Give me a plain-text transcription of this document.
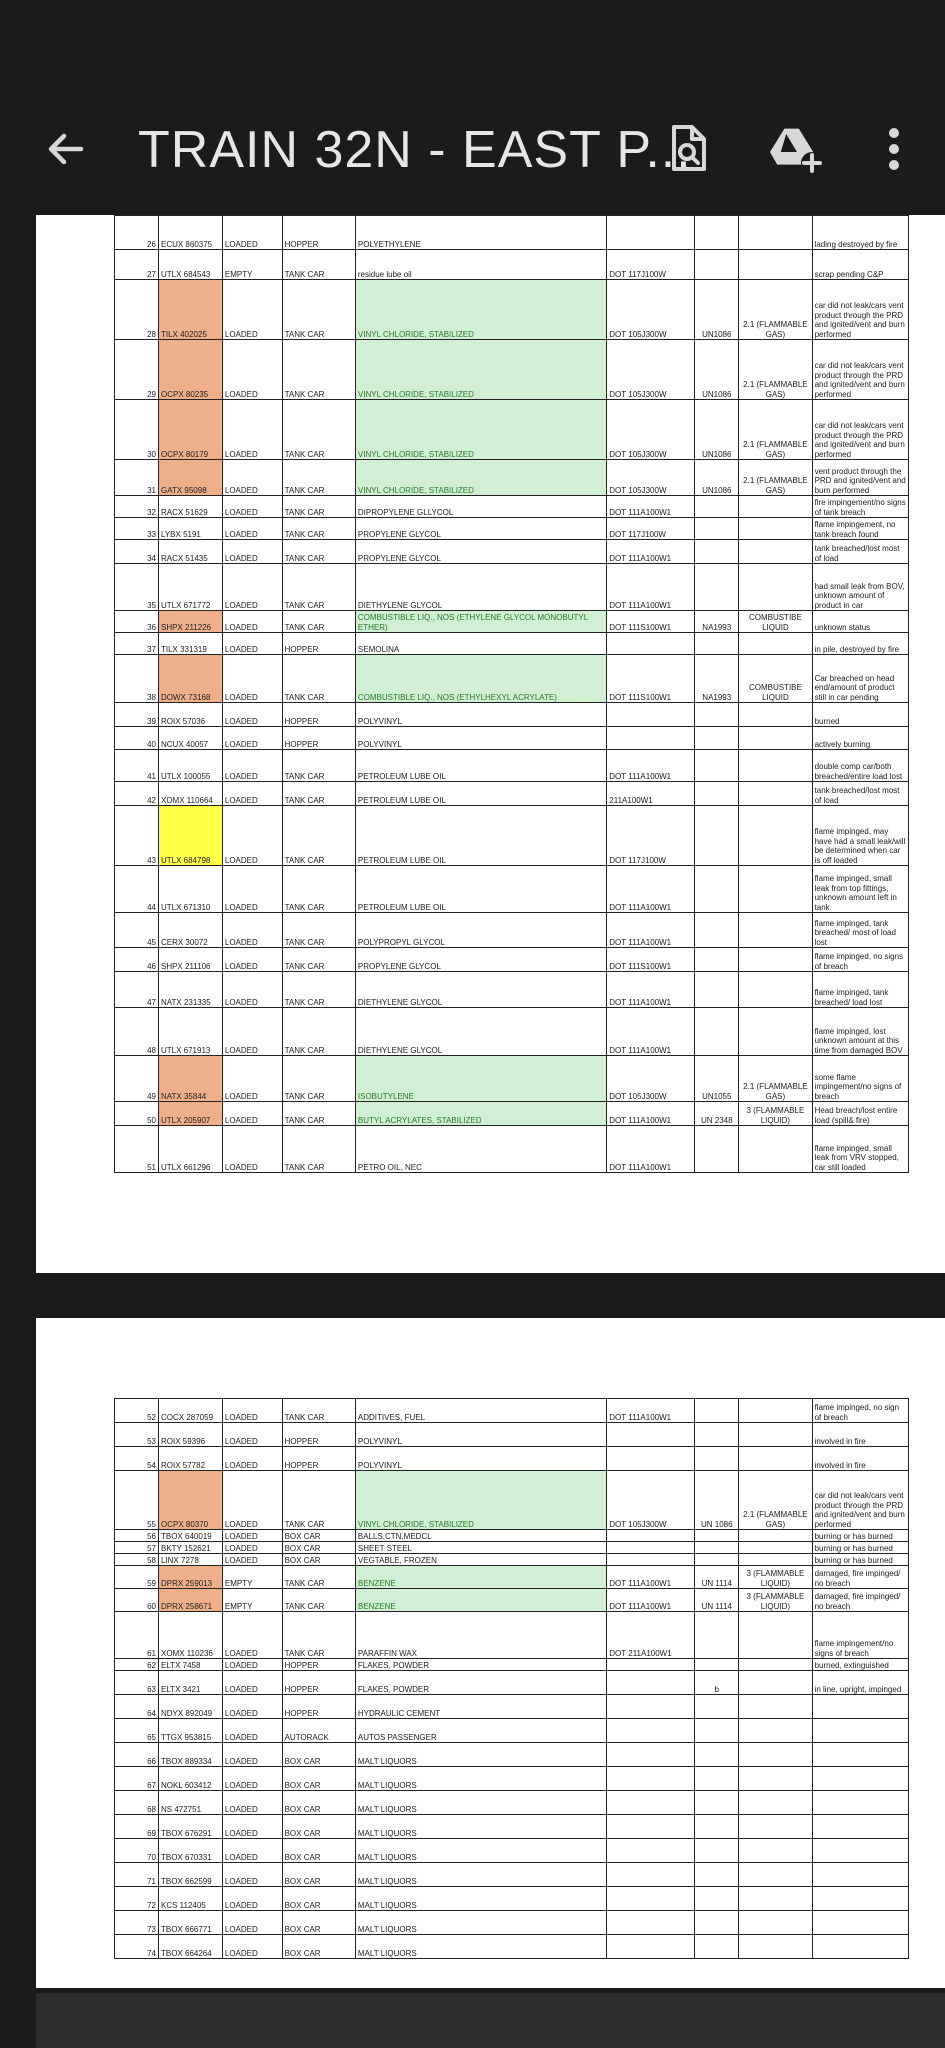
TRAIN 32N - EAST P...
26	ECUX 860375	LOADED	HOPPER	POLYETHYLENE				lading destroyed by fire
27	UTLX 684543	EMPTY	TANK CAR	residue lube oil	DOT 117J100W			scrap pending C&P
28	TILX 402025	LOADED	TANK CAR	VINYL CHLORIDE, STABILIZED	DOT 105J300W	UN1086	2.1 (FLAMMABLE GAS)	car did not leak/cars vent product through the PRD and ignited/vent and burn performed
29	OCPX 80235	LOADED	TANK CAR	VINYL CHLORIDE, STABILIZED	DOT 105J300W	UN1086	2.1 (FLAMMABLE GAS)	car did not leak/cars vent product through the PRD and ignited/vent and burn performed
30	OCPX 80179	LOADED	TANK CAR	VINYL CHLORIDE, STABILIZED	DOT 105J300W	UN1086	2.1 (FLAMMABLE GAS)	car did not leak/cars vent product through the PRD and ignited/vent and burn performed
31	GATX 95098	LOADED	TANK CAR	VINYL CHLORIDE, STABILIZED	DOT 105J300W	UN1086	2.1 (FLAMMABLE GAS)	vent product through the PRD and ignited/vent and burn performed
32	RACX 51629	LOADED	TANK CAR	DIPROPYLENE GLLYCOL	DOT 111A100W1			fire impingement/no signs of tank breach
33	LYBX 5191	LOADED	TANK CAR	PROPYLENE GLYCOL	DOT 117J100W			flame impingement, no tank breach found
34	RACX 51435	LOADED	TANK CAR	PROPYLENE GLYCOL	DOT 111A100W1			tank breached/lost most of load
35	UTLX 671772	LOADED	TANK CAR	DIETHYLENE GLYCOL	DOT 111A100W1			had small leak from BOV, unknown amount of product in car
36	SHPX 211226	LOADED	TANK CAR	COMBUSTIBLE LIQ., NOS (ETHYLENE GLYCOL MONOBUTYL ETHER)	DOT 111S100W1	NA1993	COMBUSTIBE LIQUID	unknown status
37	TILX 331319	LOADED	HOPPER	SEMOLINA				in pile, destroyed by fire
38	DOWX 73168	LOADED	TANK CAR	COMBUSTIBLE LIQ., NOS (ETHYLHEXYL ACRYLATE)	DOT 111S100W1	NA1993	COMBUSTIBE LIQUID	Car breached on head end/amount of product still in car pending
39	ROIX 57036	LOADED	HOPPER	POLYVINYL				burned
40	NCUX 40057	LOADED	HOPPER	POLYVINYL				actively burning
41	UTLX 100055	LOADED	TANK CAR	PETROLEUM LUBE OIL	DOT 111A100W1			double comp car/both breached/entire load lost
42	XOMX 110664	LOADED	TANK CAR	PETROLEUM LUBE OIL	211A100W1			tank breached/lost most of load
43	UTLX 684798	LOADED	TANK CAR	PETROLEUM LUBE OIL	DOT 117J100W			flame impinged, may have had a small leak/will be determined when car is off loaded
44	UTLX 671310	LOADED	TANK CAR	PETROLEUM LUBE OIL	DOT 111A100W1			flame impinged, small leak from top fittings, unknown amount left in tank
45	CERX 30072	LOADED	TANK CAR	POLYPROPYL GLYCOL	DOT 111A100W1			flame impinged, tank breached/ most of load lost
46	SHPX 211106	LOADED	TANK CAR	PROPYLENE GLYCOL	DOT 111S100W1			flame impinged, no signs of breach
47	NATX 231335	LOADED	TANK CAR	DIETHYLENE GLYCOL	DOT 111A100W1			flame impinged, tank breached/ load lost
48	UTLX 671913	LOADED	TANK CAR	DIETHYLENE GLYCOL	DOT 111A100W1			flame impinged, lost unknown amount at this time from damaged BOV
49	NATX 35844	LOADED	TANK CAR	ISOBUTYLENE	DOT 105J300W	UN1055	2.1 (FLAMMABLE GAS)	some flame impingement/no signs of breach
50	UTLX 205907	LOADED	TANK CAR	BUTYL ACRYLATES, STABILIZED	DOT 111A100W1	UN 2348	3 (FLAMMABLE LIQUID)	Head breach/lost entire load (spill& fire)
51	UTLX 661296	LOADED	TANK CAR	PETRO OIL, NEC	DOT 111A100W1			flame impinged, small leak from VRV stopped, car still loaded
52	COCX 287059	LOADED	TANK CAR	ADDITIVES, FUEL	DOT 111A100W1			flame impinged, no sign of breach
53	ROIX 59396	LOADED	HOPPER	POLYVINYL				involved in fire
54	ROIX 57782	LOADED	HOPPER	POLYVINYL				involved in fire
55	OCPX 80370	LOADED	TANK CAR	VINYL CHLORIDE, STABILIZED	DOT 105J300W	UN 1086	2.1 (FLAMMABLE GAS)	car did not leak/cars vent product through the PRD and ignited/vent and burn performed
56	TBOX 640019	LOADED	BOX CAR	BALLS,CTN,MEDCL				burning or has burned
57	BKTY 152621	LOADED	BOX CAR	SHEET STEEL				burning or has burned
58	LINX 7278	LOADED	BOX CAR	VEGTABLE, FROZEN				burning or has burned
59	DPRX 259013	EMPTY	TANK CAR	BENZENE	DOT 111A100W1	UN 1114	3 (FLAMMABLE LIQUID)	damaged, fire impinged/ no breach
60	DPRX 258671	EMPTY	TANK CAR	BENZENE	DOT 111A100W1	UN 1114	3 (FLAMMABLE LIQUID)	damaged, fire impinged/ no breach
61	XOMX 110236	LOADED	TANK CAR	PARAFFIN WAX	DOT 211A100W1			flame impingement/no signs of breach
62	ELTX 7458	LOADED	HOPPER	FLAKES, POWDER				burned, extinguished
63	ELTX 3421	LOADED	HOPPER	FLAKES, POWDER		b		in line, upright, impinged
64	NDYX 892049	LOADED	HOPPER	HYDRAULIC CEMENT				
65	TTGX 953815	LOADED	AUTORACK	AUTOS PASSENGER				
66	TBOX 889334	LOADED	BOX CAR	MALT LIQUORS				
67	NOKL 603412	LOADED	BOX CAR	MALT LIQUORS				
68	NS 472751	LOADED	BOX CAR	MALT LIQUORS				
69	TBOX 676291	LOADED	BOX CAR	MALT LIQUORS				
70	TBOX 670331	LOADED	BOX CAR	MALT LIQUORS				
71	TBOX 662599	LOADED	BOX CAR	MALT LIQUORS				
72	KCS 112405	LOADED	BOX CAR	MALT LIQUORS				
73	TBOX 666771	LOADED	BOX CAR	MALT LIQUORS				
74	TBOX 664264	LOADED	BOX CAR	MALT LIQUORS				
